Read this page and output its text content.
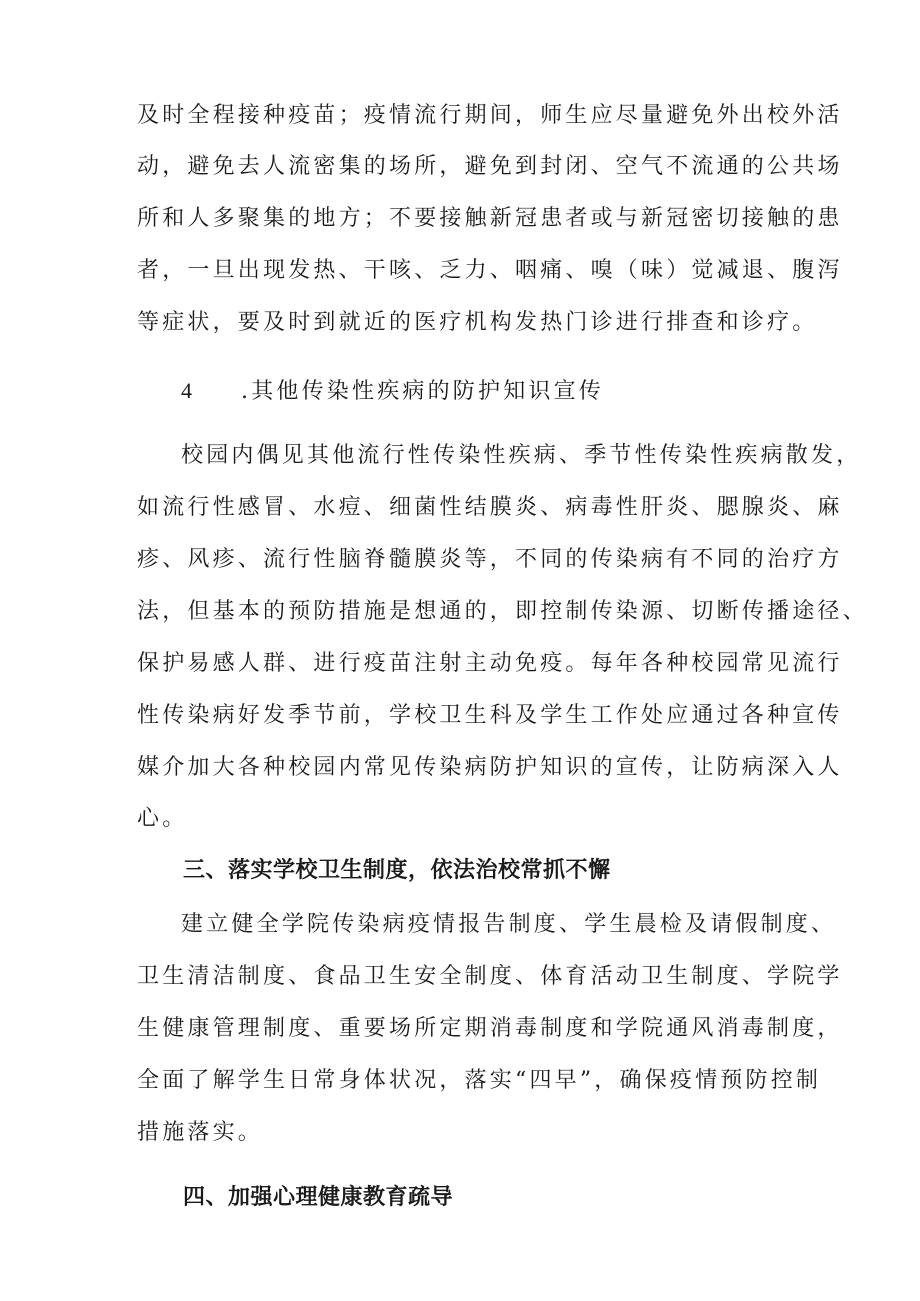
及时全程接种疫苗；疫情流行期间，师生应尽量避免外出校外活
动，避免去人流密集的场所，避免到封闭、空气不流通的公共场
所和人多聚集的地方；不要接触新冠患者或与新冠密切接触的患
者，一旦出现发热、干咳、乏力、咽痛、嗅（味）觉减退、腹泻
等症状，要及时到就近的医疗机构发热门诊进行排查和诊疗。
4 .其他传染性疾病的防护知识宣传
校园内偶见其他流行性传染性疾病、季节性传染性疾病散发，
如流行性感冒、水痘、细菌性结膜炎、病毒性肝炎、腮腺炎、麻
疹、风疹、流行性脑脊髓膜炎等，不同的传染病有不同的治疗方
法，但基本的预防措施是想通的，即控制传染源、切断传播途径、
保护易感人群、进行疫苗注射主动免疫。每年各种校园常见流行
性传染病好发季节前，学校卫生科及学生工作处应通过各种宣传
媒介加大各种校园内常见传染病防护知识的宣传，让防病深入人
心。
三、落实学校卫生制度，依法治校常抓不懈
建立健全学院传染病疫情报告制度、学生晨检及请假制度、
卫生清洁制度、食品卫生安全制度、体育活动卫生制度、学院学
生健康管理制度、重要场所定期消毒制度和学院通风消毒制度，
全面了解学生日常身体状况，落实“四早”，确保疫情预防控制
措施落实。
四、加强心理健康教育疏导
